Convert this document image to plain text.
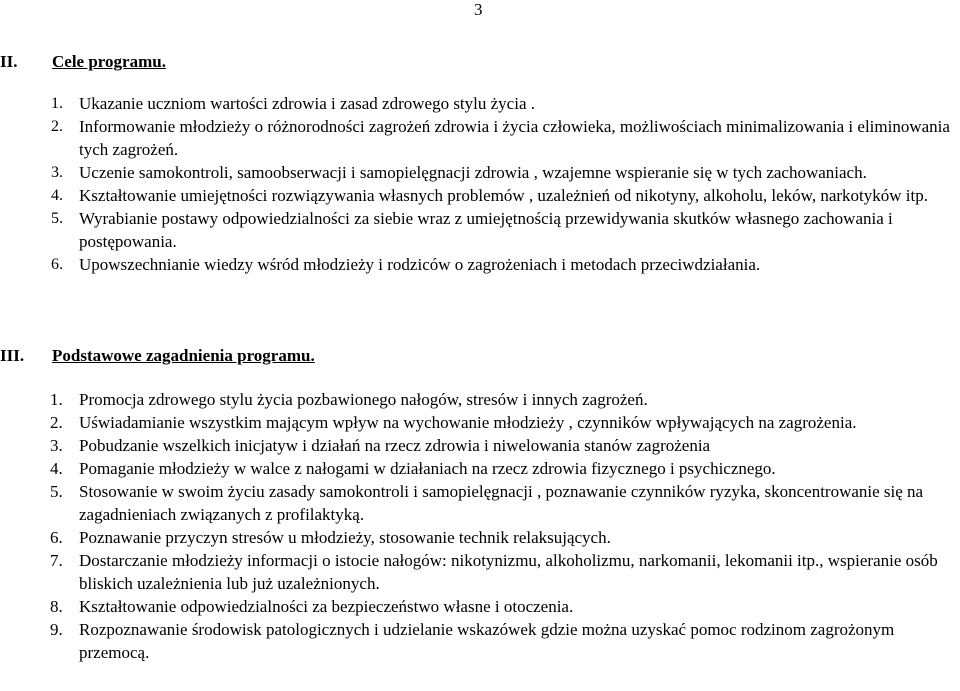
3
II. Cele programu.
1. Ukazanie uczniom wartości zdrowia i zasad zdrowego stylu życia .
2. Informowanie młodzieży o różnorodności zagrożeń zdrowia i życia człowieka, możliwościach minimalizowania i eliminowania tych zagrożeń.
3. Uczenie samokontroli, samoobserwacji i samopielęgnacji zdrowia , wzajemne wspieranie się w tych zachowaniach.
4. Kształtowanie umiejętności rozwiązywania własnych problemów , uzależnień od nikotyny, alkoholu, leków, narkotyków itp.
5. Wyrabianie postawy odpowiedzialności za siebie wraz z umiejętnością przewidywania skutków własnego zachowania i postępowania.
6. Upowszechnianie wiedzy wśród młodzieży i rodziców o zagrożeniach i metodach przeciwdziałania.
III. Podstawowe zagadnienia programu.
1. Promocja zdrowego stylu życia pozbawionego nałogów, stresów i innych zagrożeń.
2. Uświadamianie wszystkim mającym wpływ na wychowanie młodzieży , czynników wpływających na zagrożenia.
3. Pobudzanie wszelkich inicjatyw i działań na rzecz zdrowia i niwelowania stanów zagrożenia
4. Pomaganie młodzieży w walce z nałogami w działaniach na rzecz zdrowia fizycznego i psychicznego.
5. Stosowanie w swoim życiu zasady samokontroli i samopielęgnacji , poznawanie czynników ryzyka, skoncentrowanie się na zagadnieniach związanych z profilaktyką.
6. Poznawanie przyczyn stresów u młodzieży, stosowanie technik relaksujących.
7. Dostarczanie młodzieży informacji o istocie nałogów: nikotynizmu, alkoholizmu, narkomanii, lekomanii itp., wspieranie osób bliskich uzależnienia lub już uzależnionych.
8. Kształtowanie odpowiedzialności za bezpieczeństwo własne i otoczenia.
9. Rozpoznawanie środowisk patologicznych i udzielanie wskazówek gdzie można uzyskać pomoc rodzinom zagrożonym przemocą.
